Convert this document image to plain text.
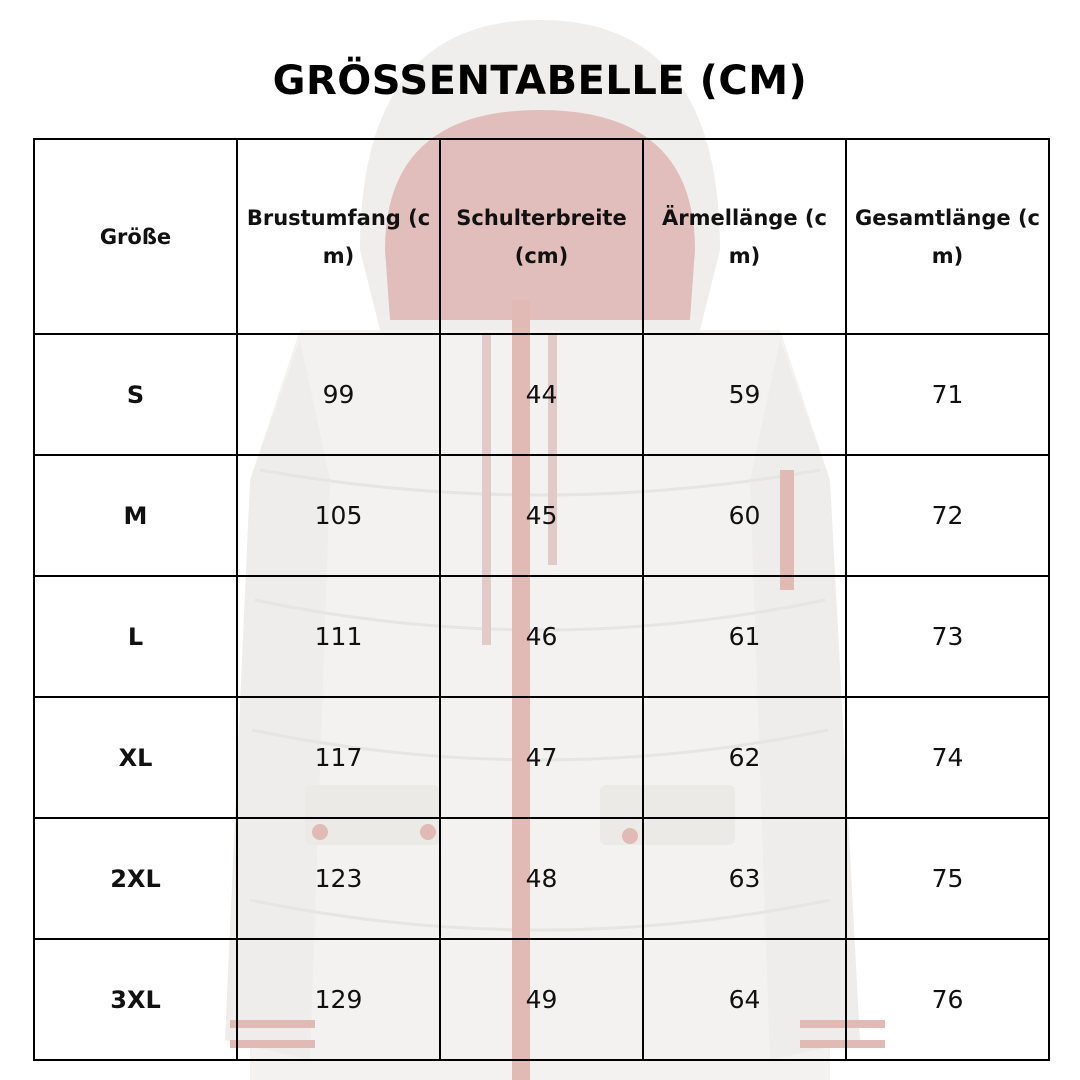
GRÖSSENTABELLE (CM)
Größe	Brustumfang (cm)	Schulterbreite (cm)	Ärmellänge (cm)	Gesamtlänge (cm)
S	99	44	59	71
M	105	45	60	72
L	111	46	61	73
XL	117	47	62	74
2XL	123	48	63	75
3XL	129	49	64	76
